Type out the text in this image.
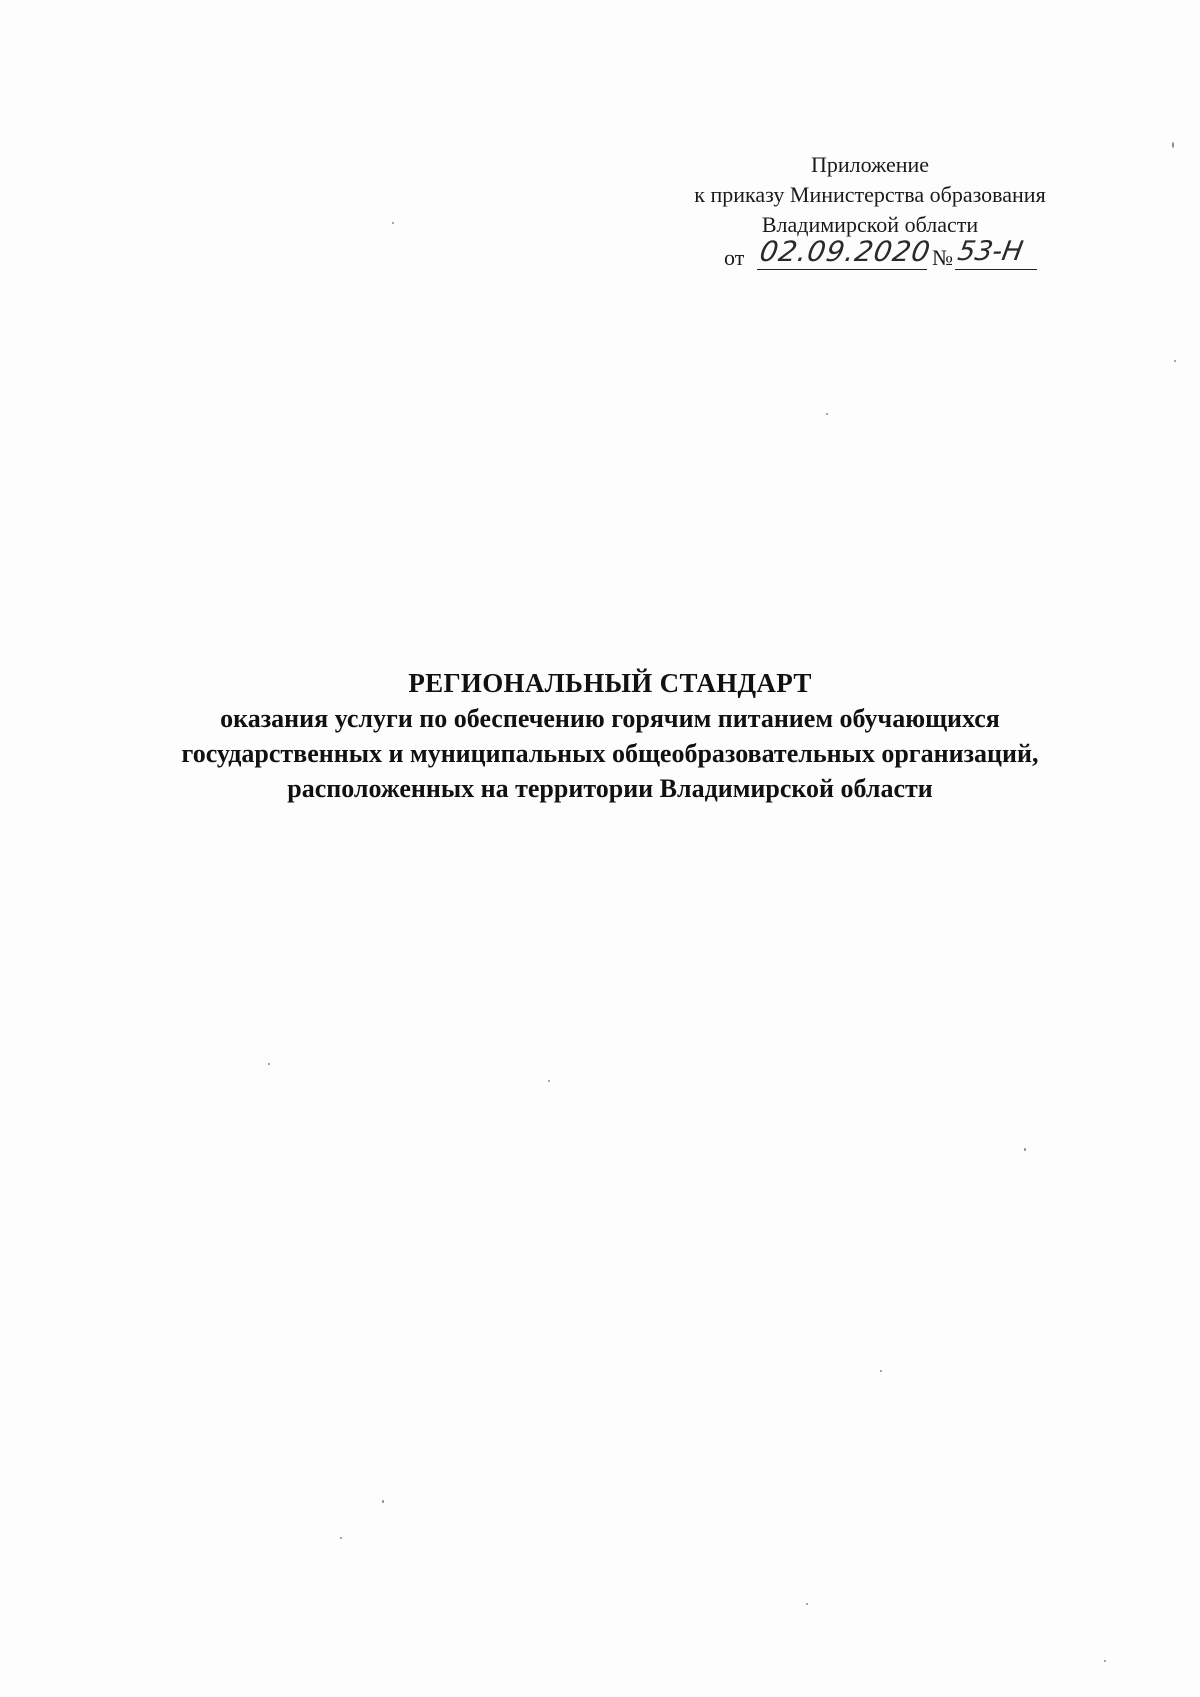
Приложение
к приказу Министерства образования
Владимирской области
от 02.09.2020
№ 53-Н
РЕГИОНАЛЬНЫЙ СТАНДАРТ
оказания услуги по обеспечению горячим питанием обучающихся
государственных и муниципальных общеобразовательных организаций,
расположенных на территории Владимирской области
